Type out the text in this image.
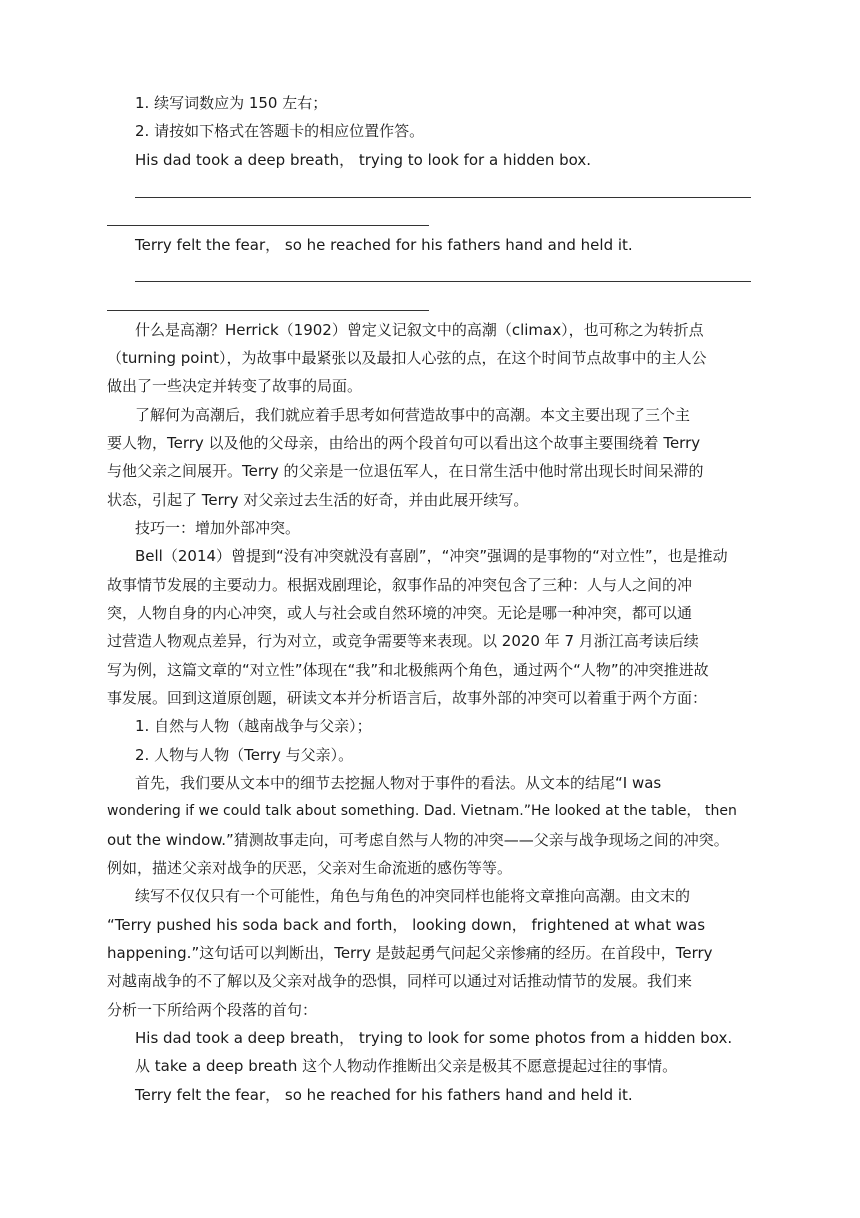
1. 续写词数应为 150 左右；
2. 请按如下格式在答题卡的相应位置作答。
His dad took a deep breath， trying to look for a hidden box.
Terry felt the fear， so he reached for his fathers hand and held it.
什么是高潮？Herrick（1902）曾定义记叙文中的高潮（climax），也可称之为转折点
（turning point），为故事中最紧张以及最扣人心弦的点，在这个时间节点故事中的主人公
做出了一些决定并转变了故事的局面。
了解何为高潮后，我们就应着手思考如何营造故事中的高潮。本文主要出现了三个主
要人物，Terry 以及他的父母亲，由给出的两个段首句可以看出这个故事主要围绕着 Terry
与他父亲之间展开。Terry 的父亲是一位退伍军人，在日常生活中他时常出现长时间呆滞的
状态，引起了 Terry 对父亲过去生活的好奇，并由此展开续写。
技巧一：增加外部冲突。
Bell（2014）曾提到“没有冲突就没有喜剧”，“冲突”强调的是事物的“对立性”，也是推动
故事情节发展的主要动力。根据戏剧理论，叙事作品的冲突包含了三种：人与人之间的冲
突，人物自身的内心冲突，或人与社会或自然环境的冲突。无论是哪一种冲突，都可以通
过营造人物观点差异，行为对立，或竞争需要等来表现。以 2020 年 7 月浙江高考读后续
写为例，这篇文章的“对立性”体现在“我”和北极熊两个角色，通过两个“人物”的冲突推进故
事发展。回到这道原创题，研读文本并分析语言后，故事外部的冲突可以着重于两个方面：
1. 自然与人物（越南战争与父亲）；
2. 人物与人物（Terry 与父亲）。
首先，我们要从文本中的细节去挖掘人物对于事件的看法。从文本的结尾“I was
wondering if we could talk about something. Dad. Vietnam.”He looked at the table， then
out the window.”猜测故事走向，可考虑自然与人物的冲突——父亲与战争现场之间的冲突。
例如，描述父亲对战争的厌恶，父亲对生命流逝的感伤等等。
续写不仅仅只有一个可能性，角色与角色的冲突同样也能将文章推向高潮。由文末的
“Terry pushed his soda back and forth， looking down， frightened at what was
happening.”这句话可以判断出，Terry 是鼓起勇气问起父亲惨痛的经历。在首段中，Terry
对越南战争的不了解以及父亲对战争的恐惧，同样可以通过对话推动情节的发展。我们来
分析一下所给两个段落的首句：
His dad took a deep breath， trying to look for some photos from a hidden box.
从 take a deep breath 这个人物动作推断出父亲是极其不愿意提起过往的事情。
Terry felt the fear， so he reached for his fathers hand and held it.
